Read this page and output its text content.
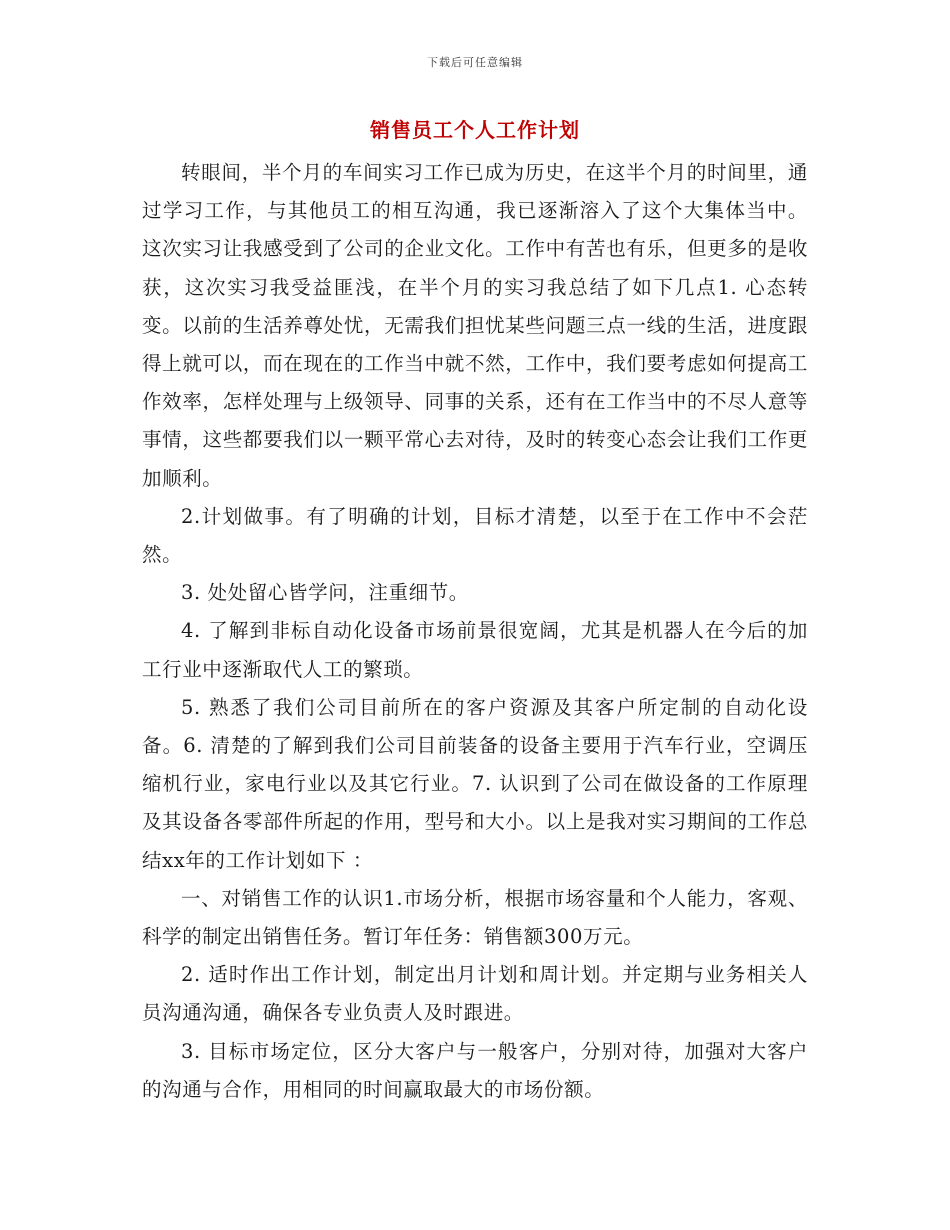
下载后可任意编辑
销售员工个人工作计划

转眼间，半个月的车间实习工作已成为历史，在这半个月的时间里，通过学习工作，与其他员工的相互沟通，我已逐渐溶入了这个大集体当中。 这次实习让我感受到了公司的企业文化。工作中有苦也有乐，但更多的是收获，这次实习我受益匪浅，在半个月的实习我总结了如下几点1. 心态转变。以前的生活养尊处忧，无需我们担忧某些问题三点一线的生活，进度跟得上就可以，而在现在的工作当中就不然，工作中，我们要考虑如何提高工作效率，怎样处理与上级领导、同事的关系，还有在工作当中的不尽人意等事情，这些都要我们以一颗平常心去对待，及时的转变心态会让我们工作更加顺利。

2.计划做事。有了明确的计划，目标才清楚，以至于在工作中不会茫然。

3. 处处留心皆学问，注重细节。

4. 了解到非标自动化设备市场前景很宽阔，尤其是机器人在今后的加工行业中逐渐取代人工的繁琐。

5. 熟悉了我们公司目前所在的客户资源及其客户所定制的自动化设备。6. 清楚的了解到我们公司目前装备的设备主要用于汽车行业，空调压缩机行业，家电行业以及其它行业。7. 认识到了公司在做设备的工作原理及其设备各零部件所起的作用，型号和大小。以上是我对实习期间的工作总结xx年的工作计划如下 ：

一、对销售工作的认识1.市场分析，根据市场容量和个人能力，客观、科学的制定出销售任务。暂订年任务：销售额300万元。

2. 适时作出工作计划，制定出月计划和周计划。并定期与业务相关人员沟通沟通，确保各专业负责人及时跟进。

3. 目标市场定位，区分大客户与一般客户，分别对待，加强对大客户的沟通与合作，用相同的时间赢取最大的市场份额。
